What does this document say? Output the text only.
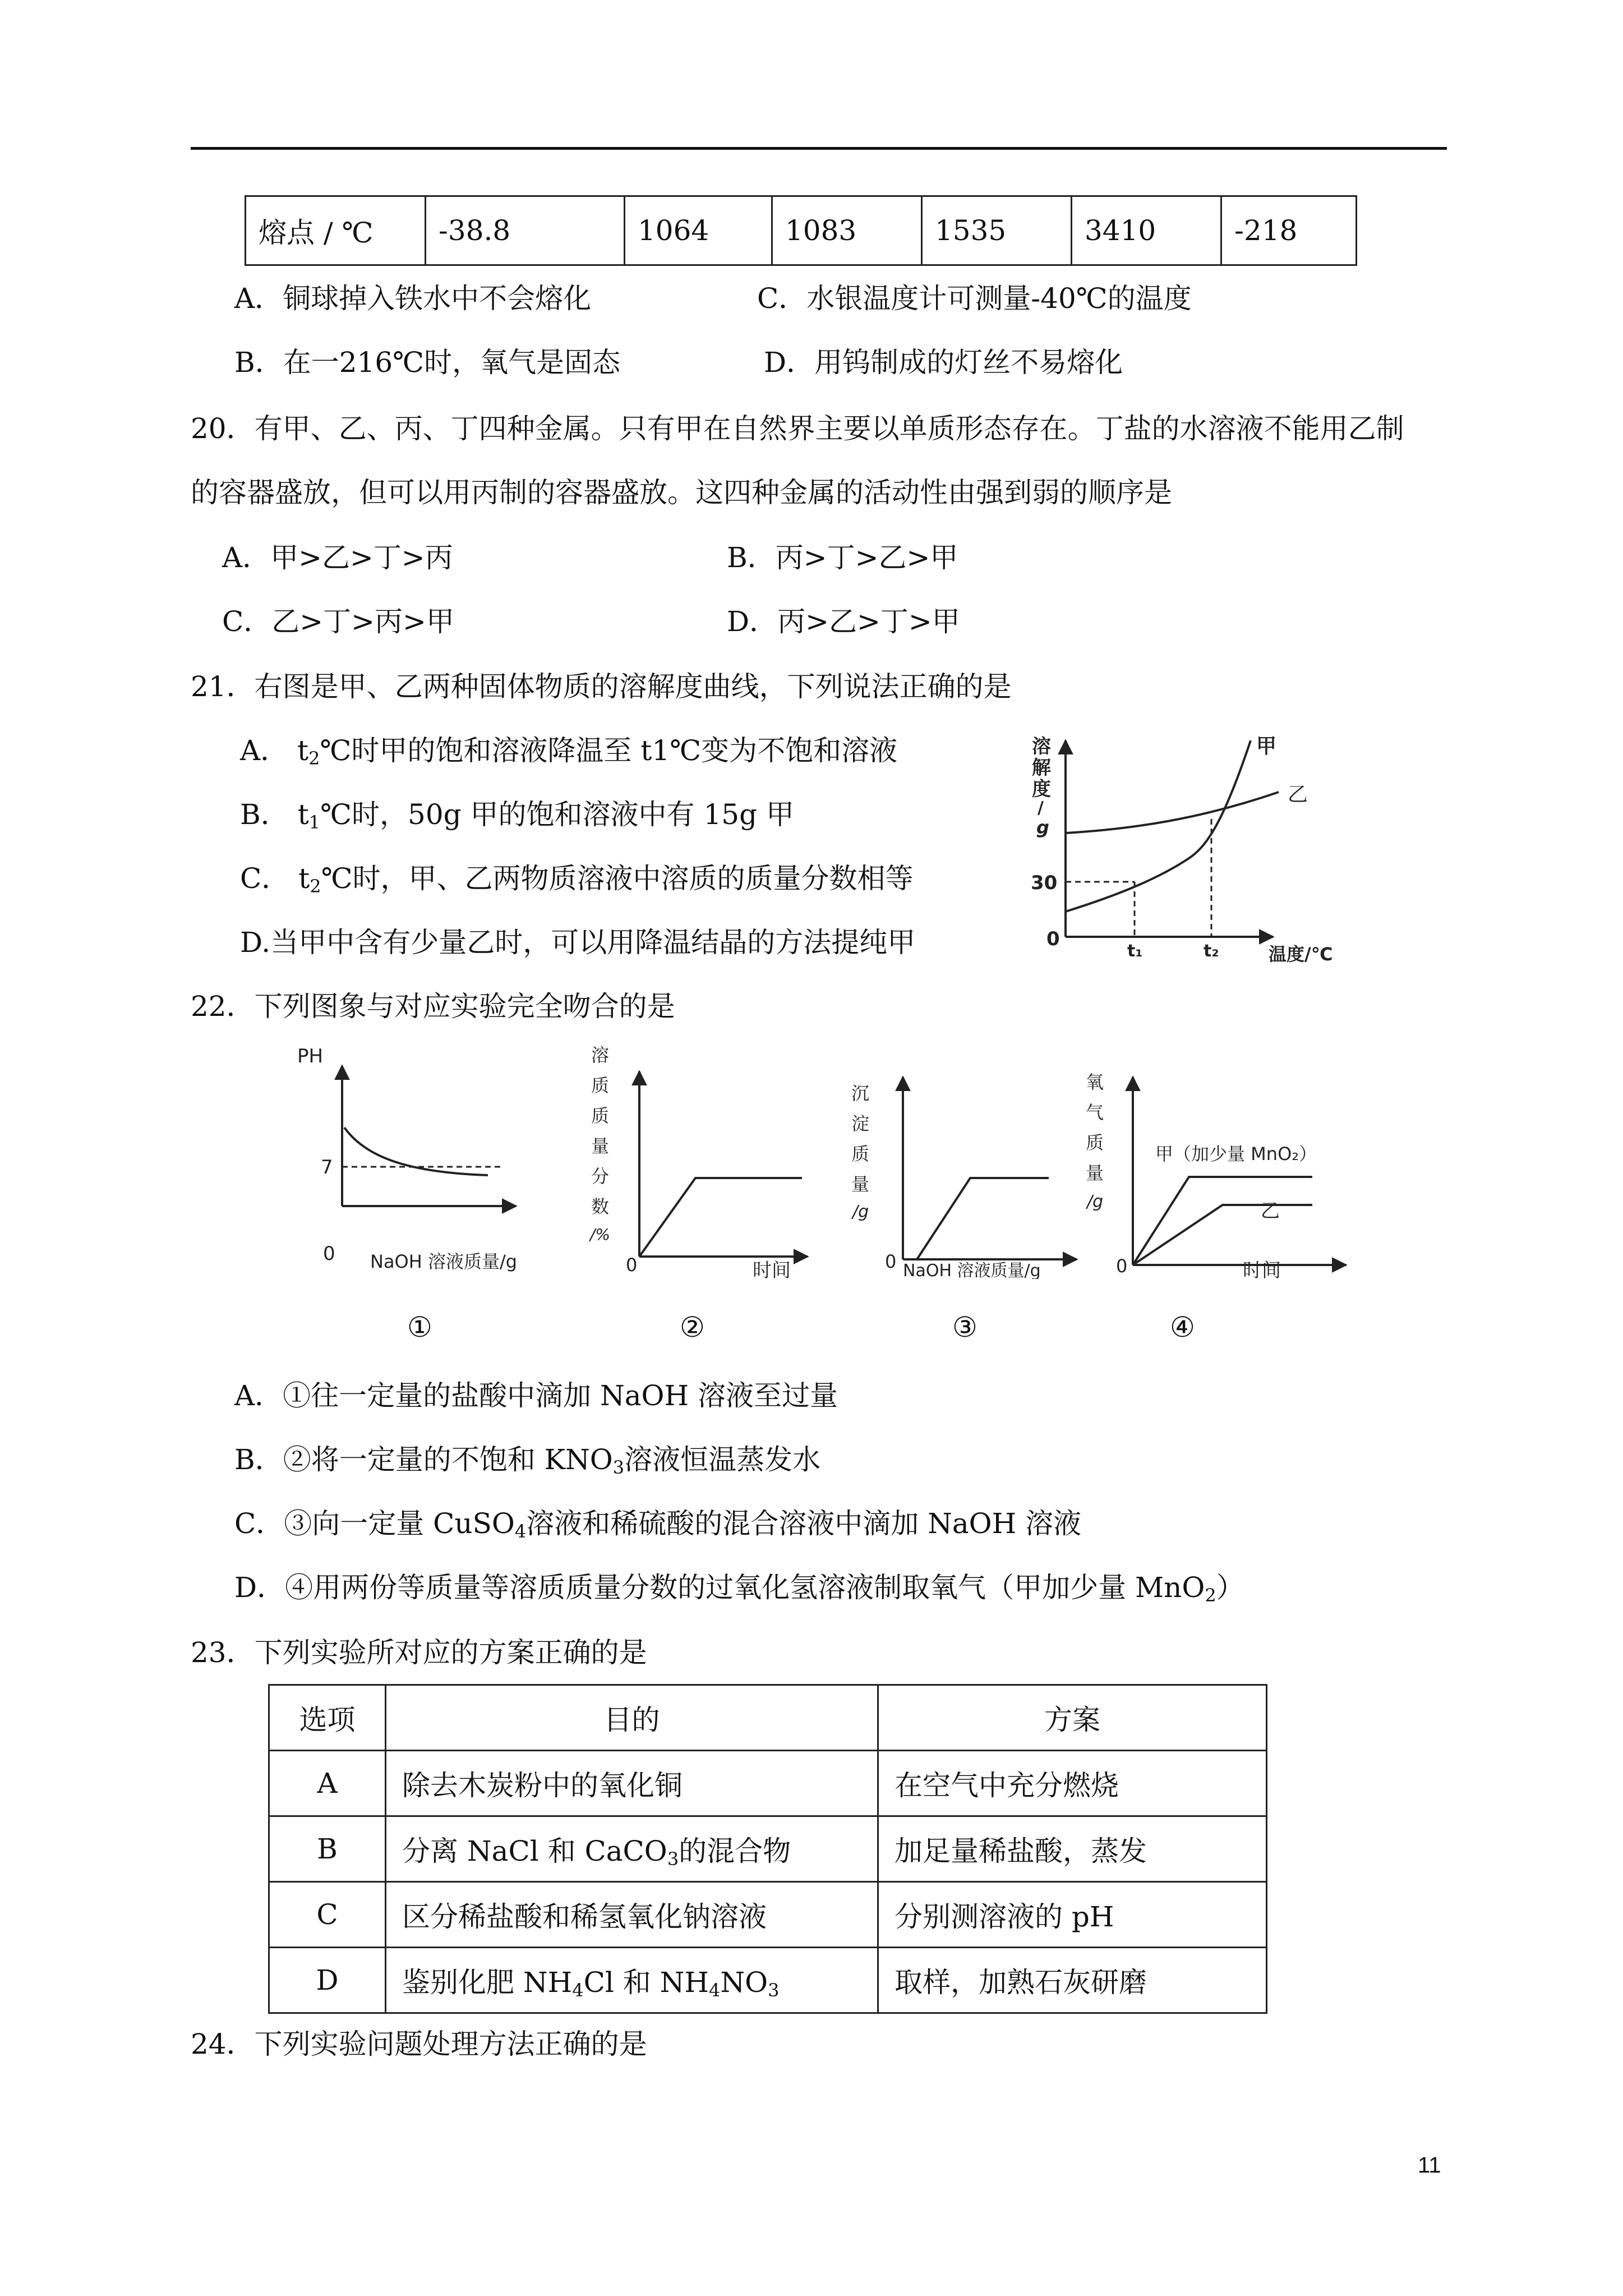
熔点 / ℃	-38.8	1064	1083	1535	3410	-218
A．铜球掉入铁水中不会熔化	C．水银温度计可测量-40℃的温度
B．在一216℃时，氧气是固态	D．用钨制成的灯丝不易熔化
20．有甲、乙、丙、丁四种金属。只有甲在自然界主要以单质形态存在。丁盐的水溶液不能用乙制
的容器盛放，但可以用丙制的容器盛放。这四种金属的活动性由强到弱的顺序是
A．甲>乙>丁>丙	B．丙>丁>乙>甲
C．乙>丁>丙>甲	D．丙>乙>丁>甲
21．右图是甲、乙两种固体物质的溶解度曲线，下列说法正确的是
A． $t_2℃$时甲的饱和溶液降温至 t1℃变为不饱和溶液
B． $t_1℃$时，50g 甲的饱和溶液中有 15g 甲
C． $t_2℃$时，甲、乙两物质溶液中溶质的质量分数相等
D.当甲中含有少量乙时，可以用降温结晶的方法提纯甲
溶
解
度
/
g
30
0
t₁	t₂	温度/℃
甲
乙
22．下列图象与对应实验完全吻合的是
PH
7
0 NaOH 溶液质量/g
①
溶
质
质
量
分
数
/%
0	时间
②
沉
淀
质
量
/g
0 NaOH 溶液质量/g
③
氧
气
质
量
/g
0	时间
甲（加少量 MnO₂）
乙
④
A．①往一定量的盐酸中滴加 NaOH 溶液至过量
B．②将一定量的不饱和 $KNO_3$溶液恒温蒸发水
C．③向一定量 CuSO$_4$溶液和稀硫酸的混合溶液中滴加 NaOH 溶液
D．④用两份等质量等溶质质量分数的过氧化氢溶液制取氧气（甲加少量 MnO$_2$）
23．下列实验所对应的方案正确的是
选项	目的	方案
A	除去木炭粉中的氧化铜	在空气中充分燃烧
B	分离 NaCl 和 CaCO$_3$的混合物	加足量稀盐酸，蒸发
C	区分稀盐酸和稀氢氧化钠溶液	分别测溶液的 pH
D	鉴别化肥 $NH_4Cl$ 和 $NH_4NO_3$	取样，加熟石灰研磨
24．下列实验问题处理方法正确的是
11
